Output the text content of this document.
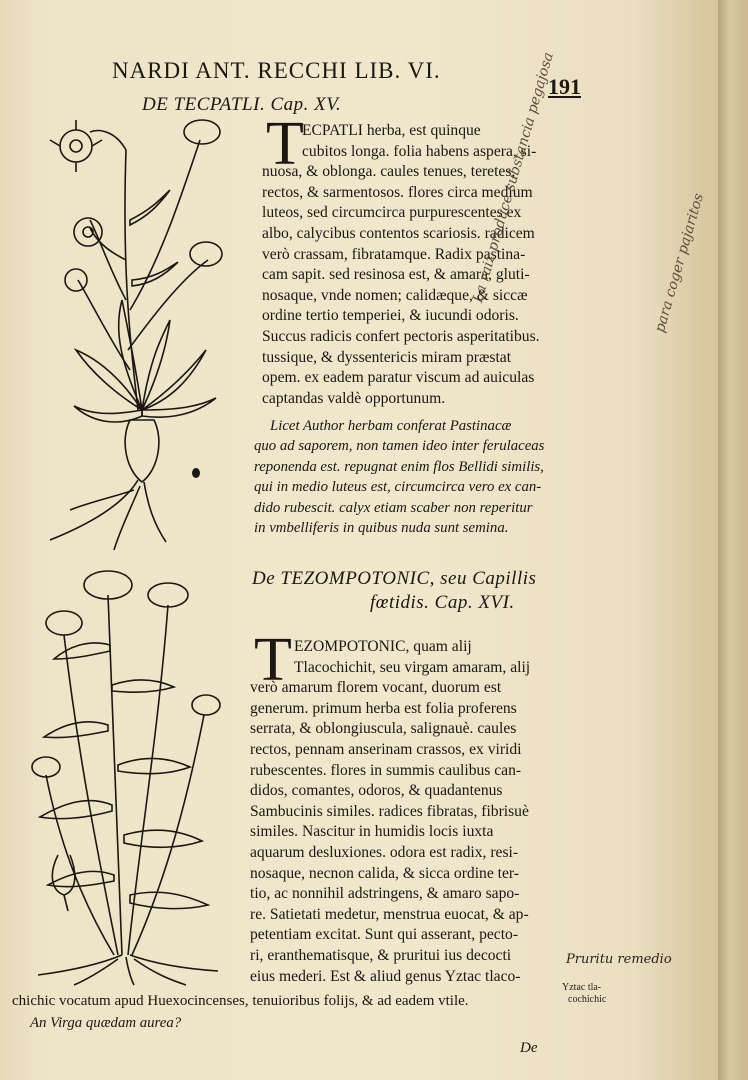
NARDI ANT. RECCHI LIB. VI.
191
DE TECPATLI. Cap. XV.
T
ECPATLI herba, est quinque
cubitos longa. folia habens aspera, si-
nuosa, & oblonga. caules tenues, teretes,
rectos, & sarmentosos. flores circa medium
luteos, sed circumcirca purpurescentes ex
albo, calycibus contentos scariosis. radicem
verò crassam, fibratamque. Radix pastina-
cam sapit. sed resinosa est, & amara, gluti-
nosaque, vnde nomen; calidæque, & siccæ
ordine tertio temperiei, & iucundi odoris.
Succus radicis confert pectoris asperitatibus.
tussique, & dyssentericis miram præstat
opem. ex eadem paratur viscum ad auiculas
captandas valdè opportunum.
Licet Author herbam conferat Pastinacæ
quo ad saporem, non tamen ideo inter ferulaceas
reponenda est. repugnat enim flos Bellidi similis,
qui in medio luteus est, circumcirca vero ex can-
dido rubescit. calyx etiam scaber non reperitur
in vmbelliferis in quibus nuda sunt semina.
La raiz produce substancia pegajosa	para coger pajaritos
De TEZOMPOTONIC, seu Capillis
fœtidis. Cap. XVI.
T EZOMPOTONIC, quam alij
Tlacochichit, seu virgam amaram, alij
verò amarum florem vocant, duorum est
generum. primum herba est folia proferens
serrata, & oblongiuscula, salignauè. caules
rectos, pennam anserinam crassos, ex viridi
rubescentes. flores in summis caulibus can-
didos, comantes, odoros, & quadantenus
Sambucinis similes. radices fibratas, fibrisuè
similes. Nascitur in humidis locis iuxta
aquarum desluxiones. odora est radix, resi-
nosaque, necnon calida, & sicca ordine ter-
tio, ac nonnihil adstringens, & amaro sapo-
re. Satietati medetur, menstrua euocat, & ap-
petentiam excitat. Sunt qui asserant, pecto-
ri, eranthematisque, & pruritui ius decocti
eius mederi. Est & aliud genus Yztac tlaco-
chichic vocatum apud Huexocincenses, tenuioribus folijs, & ad eadem vtile.
An Virga quædam aurea?
Pruritu remedio
Yztac tla-
cochichic
De
